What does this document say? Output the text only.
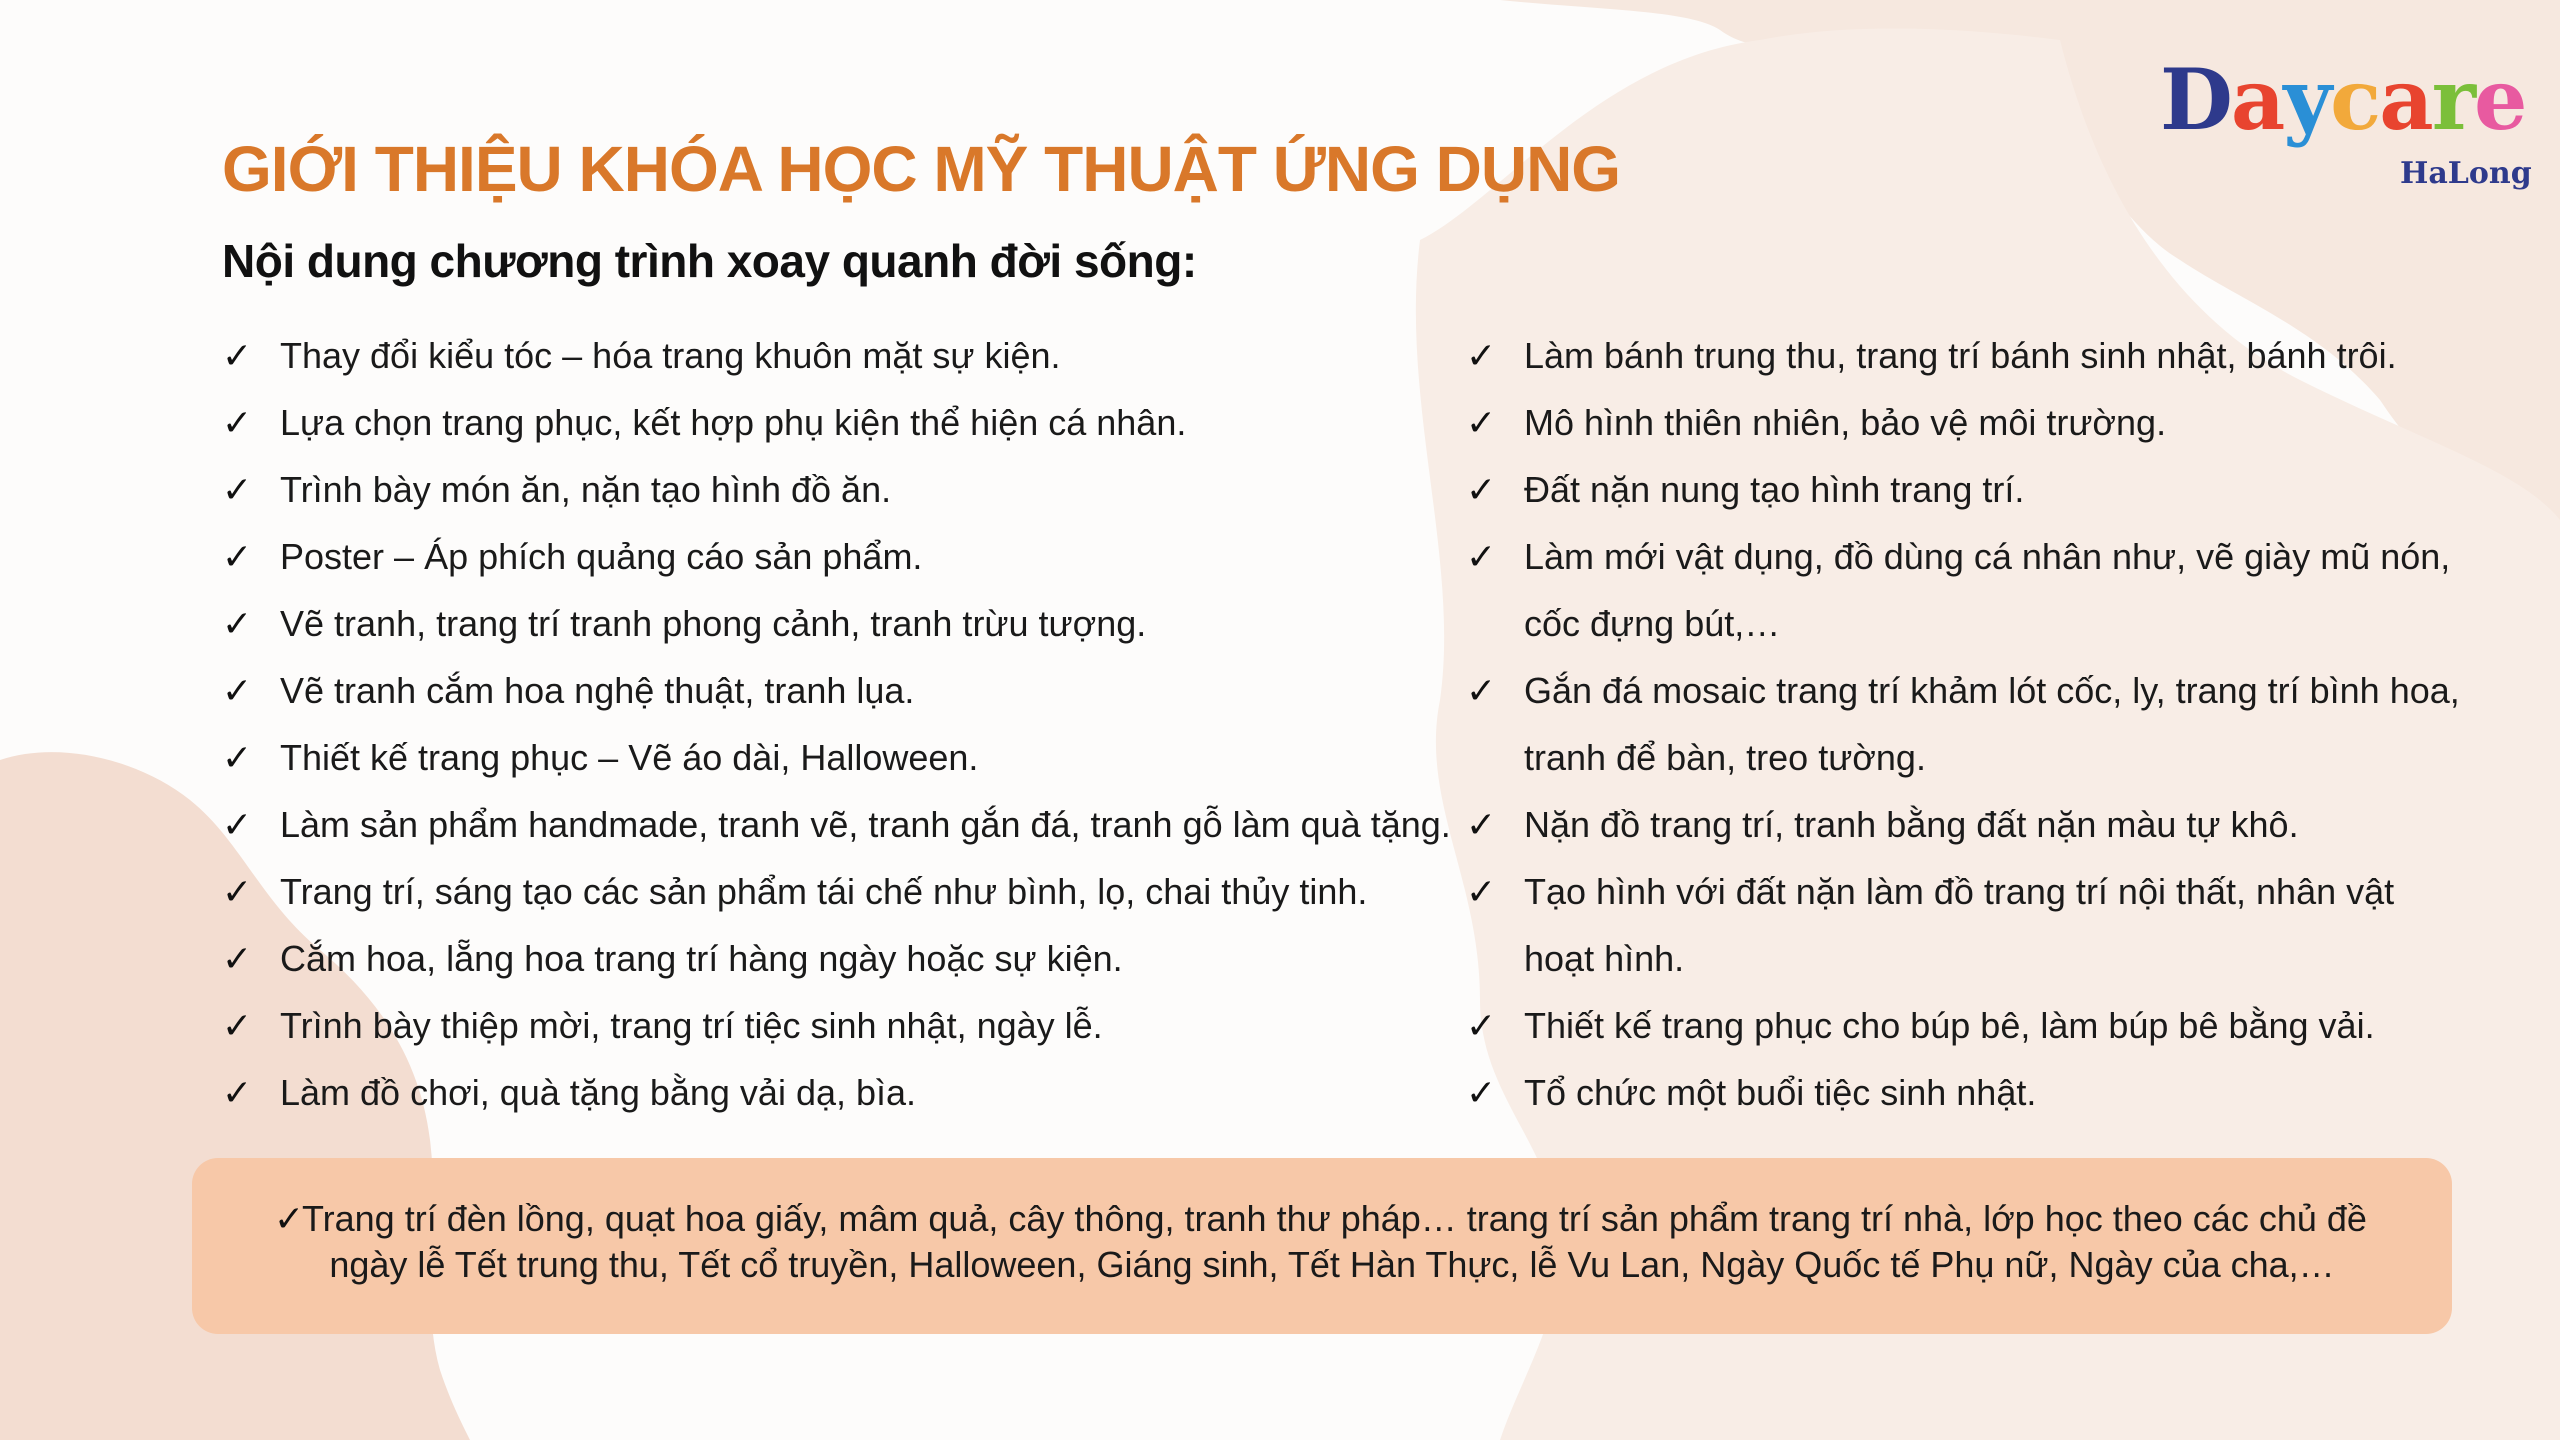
Daycare
HaLong
GIỚI THIỆU KHÓA HỌC MỸ THUẬT ỨNG DỤNG
Nội dung chương trình xoay quanh đời sống:
✓ Thay đổi kiểu tóc – hóa trang khuôn mặt sự kiện.
✓ Lựa chọn trang phục, kết hợp phụ kiện thể hiện cá nhân.
✓ Trình bày món ăn, nặn tạo hình đồ ăn.
✓ Poster – Áp phích quảng cáo sản phẩm.
✓ Vẽ tranh, trang trí tranh phong cảnh, tranh trừu tượng.
✓ Vẽ tranh cắm hoa nghệ thuật, tranh lụa.
✓ Thiết kế trang phục – Vẽ áo dài, Halloween.
✓ Làm sản phẩm handmade, tranh vẽ, tranh gắn đá, tranh gỗ làm quà tặng.
✓ Trang trí, sáng tạo các sản phẩm tái chế như bình, lọ, chai thủy tinh.
✓ Cắm hoa, lẵng hoa trang trí hàng ngày hoặc sự kiện.
✓ Trình bày thiệp mời, trang trí tiệc sinh nhật, ngày lễ.
✓ Làm đồ chơi, quà tặng bằng vải dạ, bìa.
✓ Làm bánh trung thu, trang trí bánh sinh nhật, bánh trôi.
✓ Mô hình thiên nhiên, bảo vệ môi trường.
✓ Đất nặn nung tạo hình trang trí.
✓ Làm mới vật dụng, đồ dùng cá nhân như, vẽ giày mũ nón,
cốc đựng bút,…
✓ Gắn đá mosaic trang trí khảm lót cốc, ly, trang trí bình hoa,
tranh để bàn, treo tường.
✓ Nặn đồ trang trí, tranh bằng đất nặn màu tự khô.
✓ Tạo hình với đất nặn làm đồ trang trí nội thất, nhân vật
hoạt hình.
✓ Thiết kế trang phục cho búp bê, làm búp bê bằng vải.
✓ Tổ chức một buổi tiệc sinh nhật.
✓
Trang trí đèn lồng, quạt hoa giấy, mâm quả, cây thông, tranh thư pháp… trang trí sản phẩm trang trí nhà, lớp học theo các chủ đề
ngày lễ Tết trung thu, Tết cổ truyền, Halloween, Giáng sinh, Tết Hàn Thực, lễ Vu Lan, Ngày Quốc tế Phụ nữ, Ngày của cha,…
